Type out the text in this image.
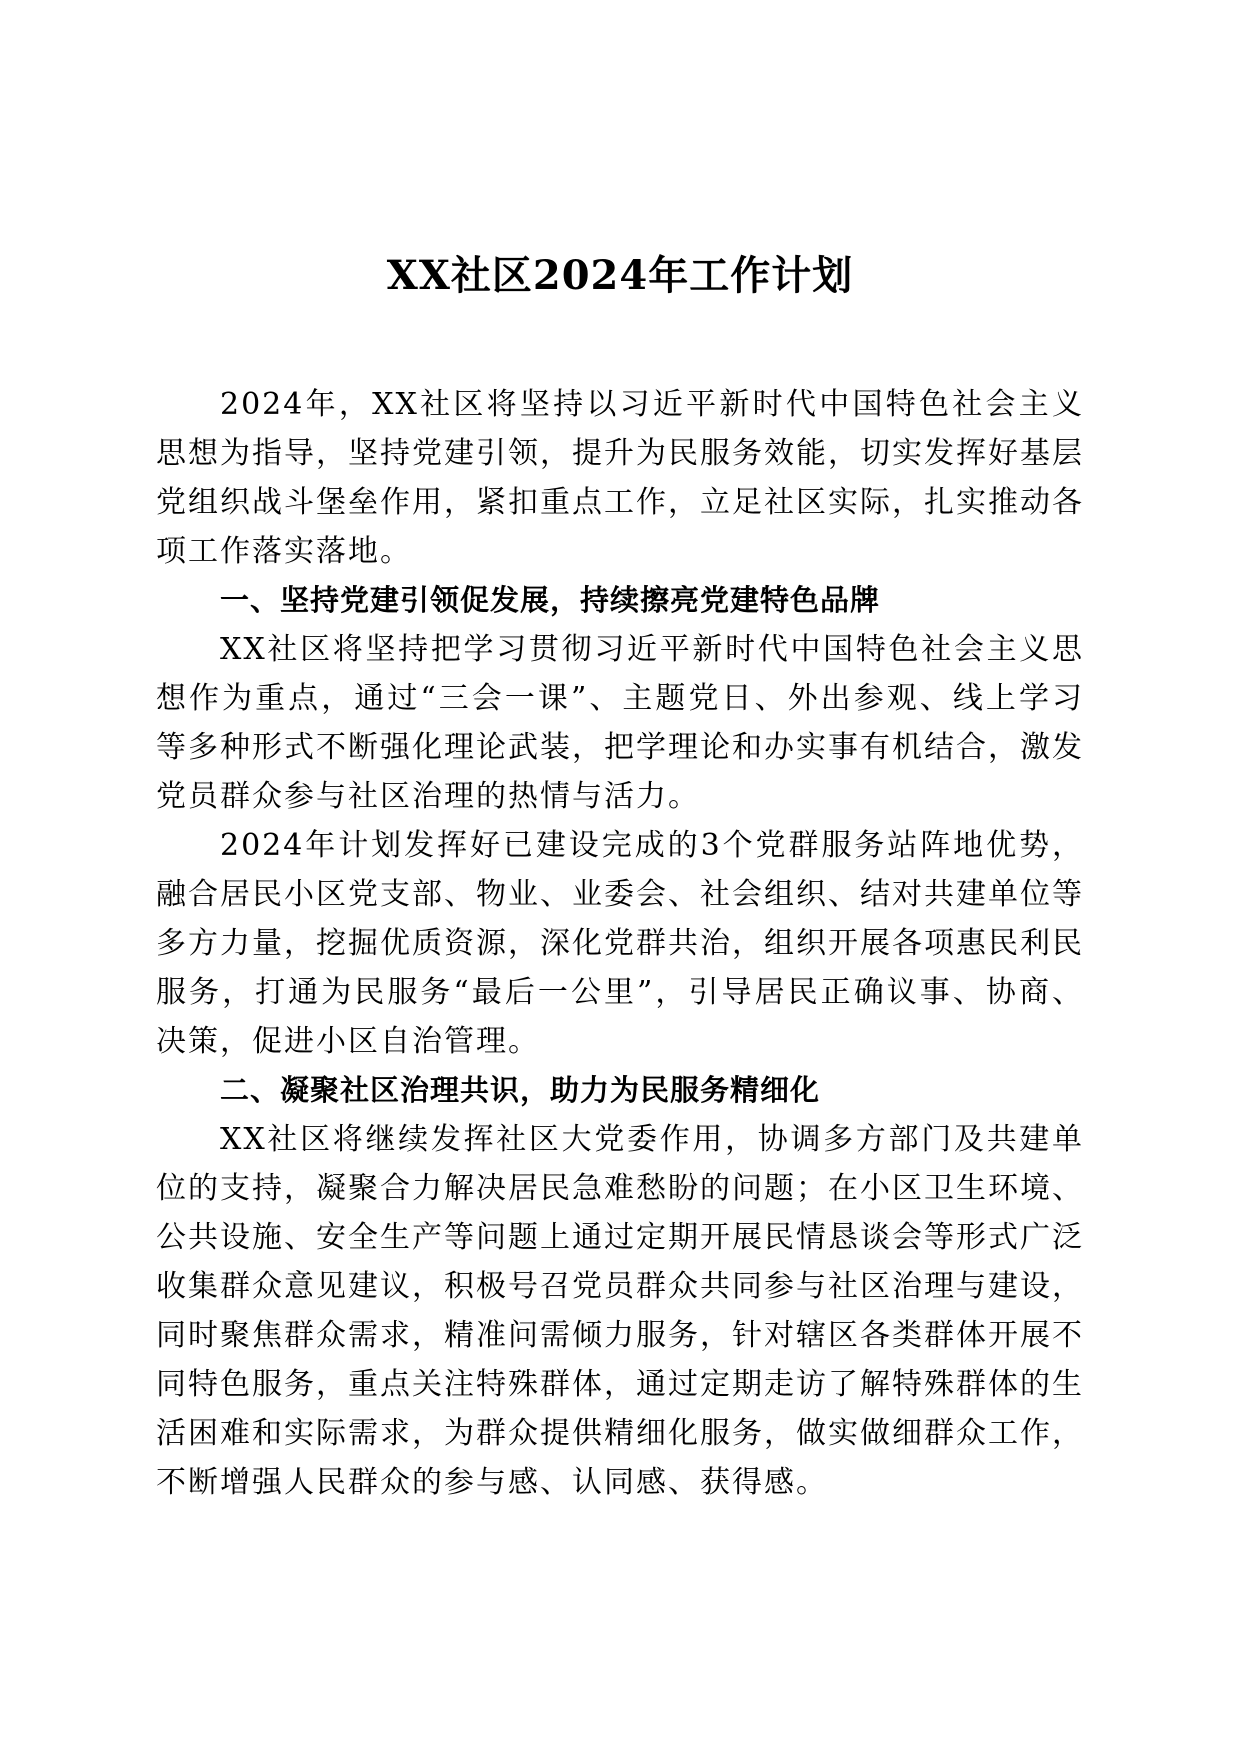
XX社区2024年工作计划

2024年，XX社区将坚持以习近平新时代中国特色社会主义思想为指导，坚持党建引领，提升为民服务效能，切实发挥好基层党组织战斗堡垒作用，紧扣重点工作，立足社区实际，扎实推动各项工作落实落地。

一、坚持党建引领促发展，持续擦亮党建特色品牌

XX社区将坚持把学习贯彻习近平新时代中国特色社会主义思想作为重点，通过“三会一课”、主题党日、外出参观、线上学习等多种形式不断强化理论武装，把学理论和办实事有机结合，激发党员群众参与社区治理的热情与活力。

2024年计划发挥好已建设完成的3个党群服务站阵地优势，融合居民小区党支部、物业、业委会、社会组织、结对共建单位等多方力量，挖掘优质资源，深化党群共治，组织开展各项惠民利民服务，打通为民服务“最后一公里”，引导居民正确议事、协商、决策，促进小区自治管理。

二、凝聚社区治理共识，助力为民服务精细化

XX社区将继续发挥社区大党委作用，协调多方部门及共建单位的支持，凝聚合力解决居民急难愁盼的问题；在小区卫生环境、公共设施、安全生产等问题上通过定期开展民情恳谈会等形式广泛收集群众意见建议，积极号召党员群众共同参与社区治理与建设，同时聚焦群众需求，精准问需倾力服务，针对辖区各类群体开展不同特色服务，重点关注特殊群体，通过定期走访了解特殊群体的生活困难和实际需求，为群众提供精细化服务，做实做细群众工作，不断增强人民群众的参与感、认同感、获得感。
